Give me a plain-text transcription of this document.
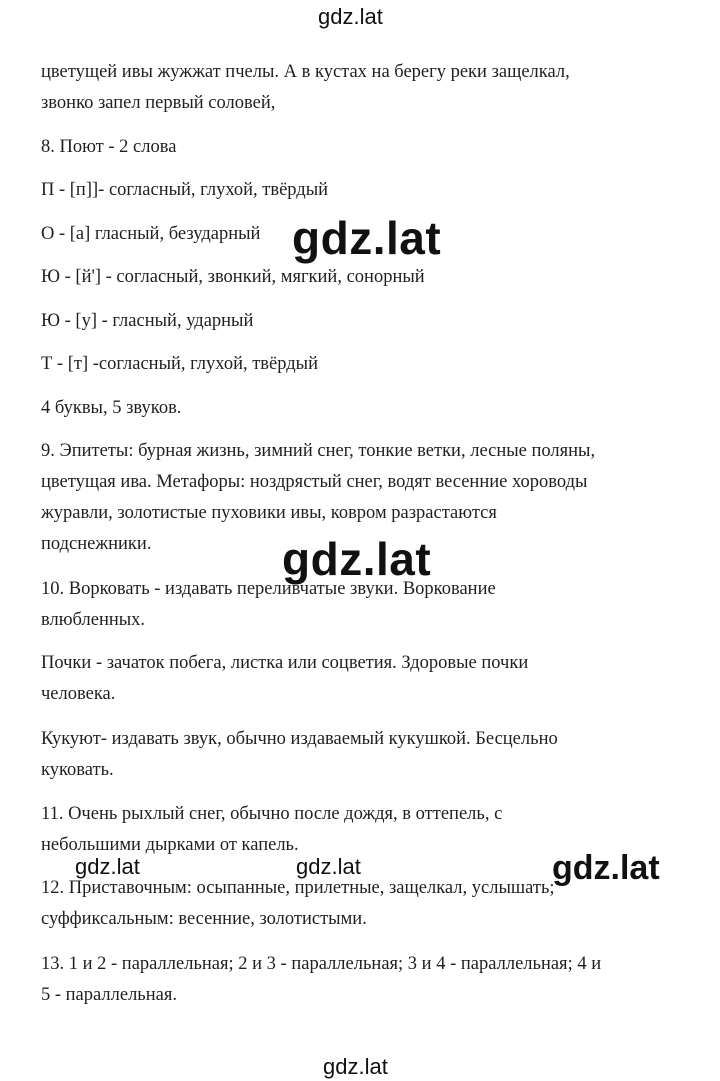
цветущей ивы жужжат пчелы. А в кустах на берегу реки защелкал,
звонко запел первый соловей,
8. Поют - 2 слова
П - [п]]- согласный, глухой, твёрдый
О - [а] гласный, безударный
Ю - [й'] - согласный, звонкий, мягкий, сонорный
Ю - [у] - гласный, ударный
Т - [т] -согласный, глухой, твёрдый
4 буквы, 5 звуков.
9. Эпитеты: бурная жизнь, зимний снег, тонкие ветки, лесные поляны,
цветущая ива. Метафоры: ноздрястый снег, водят весенние хороводы
журавли, золотистые пуховики ивы, ковром разрастаются
подснежники.
10. Ворковать - издавать переливчатые звуки. Воркование
влюбленных.
Почки - зачаток побега, листка или соцветия. Здоровые почки
человека.
Кукуют- издавать звук, обычно издаваемый кукушкой. Бесцельно
куковать.
11. Очень рыхлый снег, обычно после дождя, в оттепель, с
небольшими дырками от капель.
12. Приставочным: осыпанные, прилетные, защелкал, услышать;
суффиксальным: весенние, золотистыми.
13. 1 и 2 - параллельная; 2 и 3 - параллельная; 3 и 4 - параллельная; 4 и
5 - параллельная.
gdz.lat
gdz.lat
gdz.lat
gdz.lat	gdz.lat	gdz.lat
gdz.lat
